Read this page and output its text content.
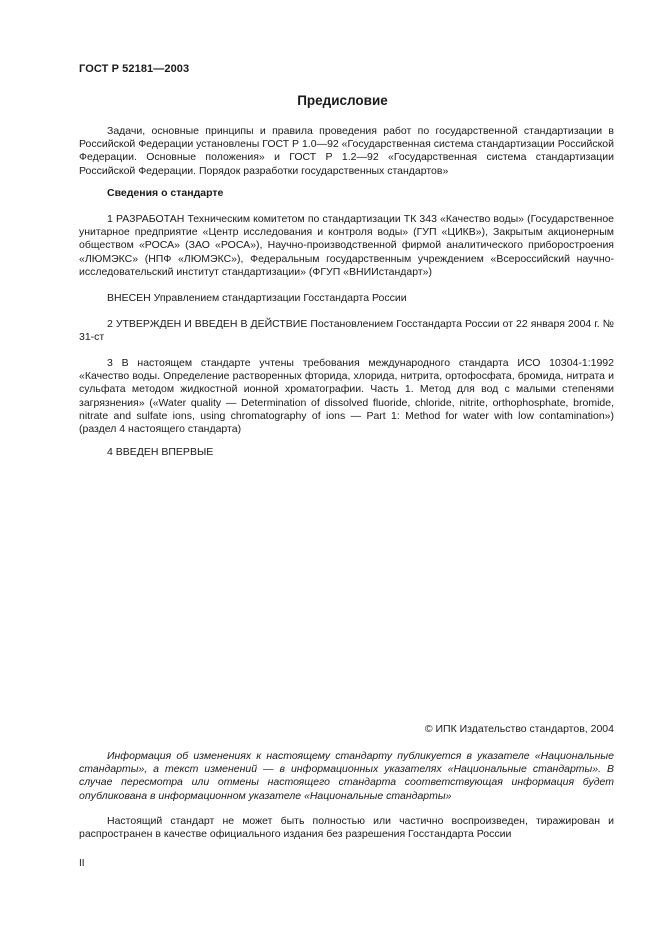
ГОСТ Р 52181—2003
Предисловие
Задачи, основные принципы и правила проведения работ по государственной стандартизации в Российской Федерации установлены ГОСТ Р 1.0—92 «Государственная система стандартизации Российской Федерации. Основные положения» и ГОСТ Р 1.2—92 «Государственная система стандартизации Российской Федерации. Порядок разработки государственных стандартов»
Сведения о стандарте
1 РАЗРАБОТАН Техническим комитетом по стандартизации ТК 343 «Качество воды» (Государственное унитарное предприятие «Центр исследования и контроля воды» (ГУП «ЦИКВ»), Закрытым акционерным обществом «РОСА» (ЗАО «РОСА»), Научно-производственной фирмой аналитического приборостроения «ЛЮМЭКС» (НПФ «ЛЮМЭКС»), Федеральным государственным учреждением «Всероссийский научно-исследовательский институт стандартизации» (ФГУП «ВНИИстандарт»)
ВНЕСЕН Управлением стандартизации Госстандарта России
2 УТВЕРЖДЕН И ВВЕДЕН В ДЕЙСТВИЕ Постановлением Госстандарта России от 22 января 2004 г. № 31-ст
3 В настоящем стандарте учтены требования международного стандарта ИСО 10304-1:1992 «Качество воды. Определение растворенных фторида, хлорида, нитрита, ортофосфата, бромида, нитрата и сульфата методом жидкостной ионной хроматографии. Часть 1. Метод для вод с малыми степенями загрязнения» («Water quality — Determination of dissolved fluoride, chloride, nitrite, orthophosphate, bromide, nitrate and sulfate ions, using chromatography of ions — Part 1: Method for water with low contamination») (раздел 4 настоящего стандарта)
4 ВВЕДЕН ВПЕРВЫЕ
© ИПК Издательство стандартов, 2004
Информация об изменениях к настоящему стандарту публикуется в указателе «Национальные стандарты», а текст изменений — в информационных указателях «Национальные стандарты». В случае пересмотра или отмены настоящего стандарта соответствующая информация будет опубликована в информационном указателе «Национальные стандарты»
Настоящий стандарт не может быть полностью или частично воспроизведен, тиражирован и распространен в качестве официального издания без разрешения Госстандарта России
II
